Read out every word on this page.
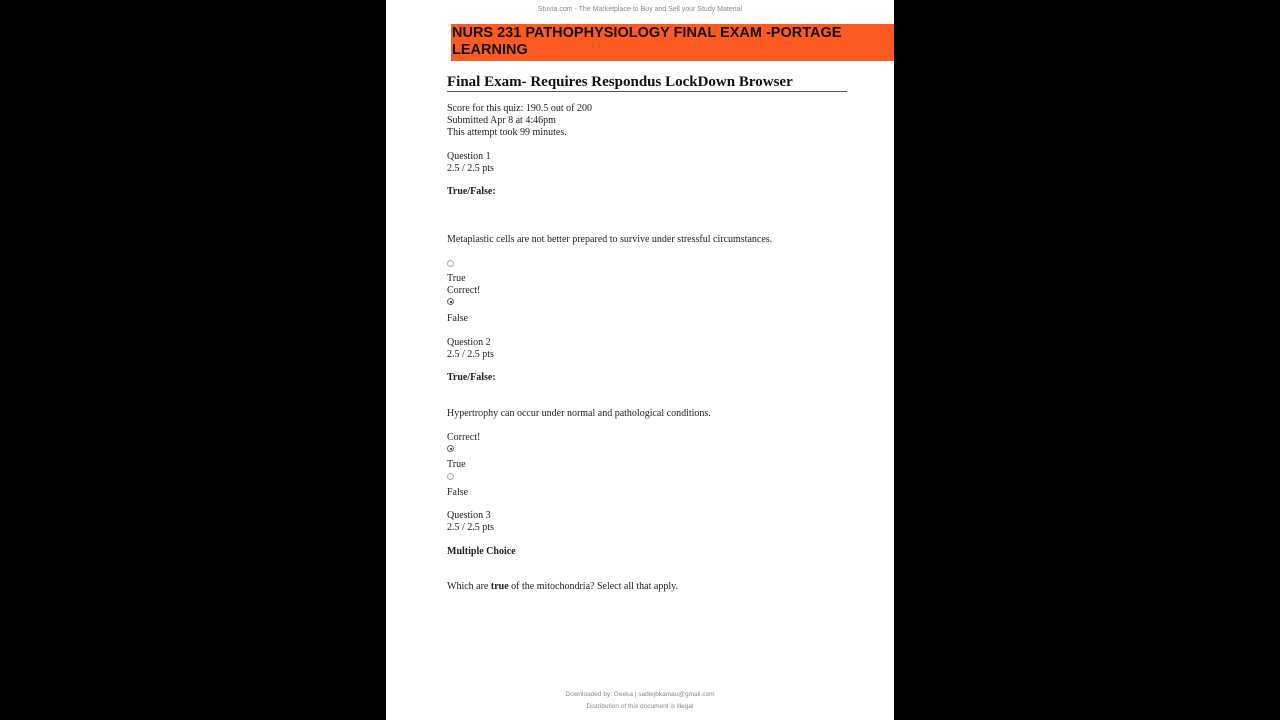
Stuvia.com - The Marketplace to Buy and Sell your Study Material
NURS 231 PATHOPHYSIOLOGY FINAL EXAM -PORTAGE
LEARNING
Final Exam- Requires Respondus LockDown Browser
Score for this quiz: 190.5 out of 200
Submitted Apr 8 at 4:46pm
This attempt took 99 minutes.
Question 1
2.5 / 2.5 pts
True/False:
Metaplastic cells are not better prepared to survive under stressful circumstances.
True
Correct!
False
Question 2
2.5 / 2.5 pts
True/False:
Hypertrophy can occur under normal and pathological conditions.
Correct!
True
False
Question 3
2.5 / 2.5 pts
Multiple Choice
Which are true of the mitochondria? Select all that apply.
Downloaded by: Geeka | sadiejbkamau@gmail.com
Distribution of this document is illegal
